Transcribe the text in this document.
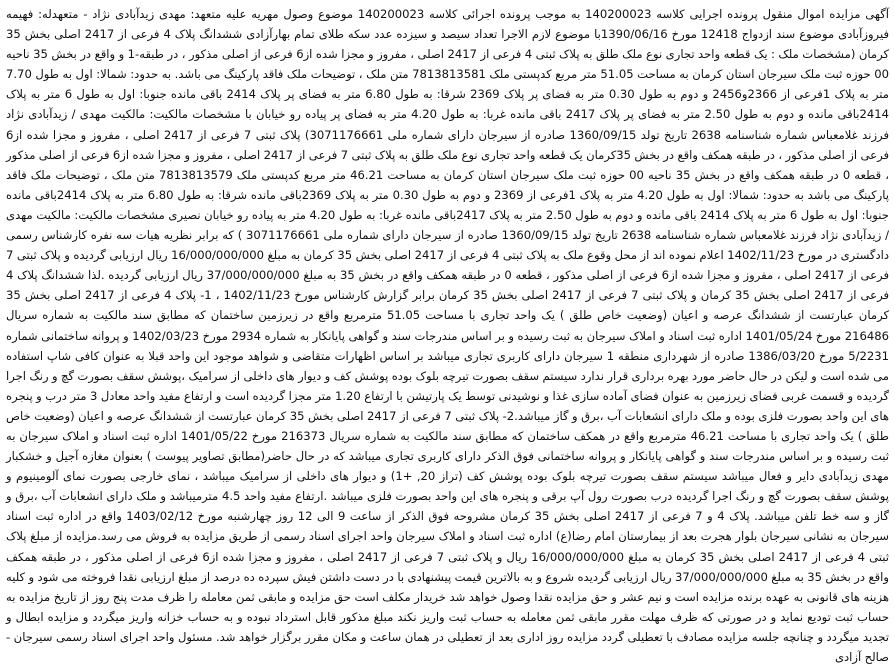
آگهی مزایده اموال منقول پرونده اجرایی کلاسه 140200023 به موجب پرونده اجرائی کلاسه 140200023 موضوع وصول مهریه علیه متعهد: مهدی زیدآبادی نژاد - متعهدله: فهیمه فیروزآبادی موضوع سند ازدواج 12418 مورخ 1390/06/16با موضوع لازم الاجرا تعداد سیصد و سیزده عدد سکه طلای تمام بهارآزادی ششدانگ پلاک 4 فرعی از 2417 اصلی بخش 35 کرمان (مشخصات ملک : یک قطعه واحد تجاری نوع ملک طلق به پلاک ثبتی 4 فرعی از 2417 اصلی ، مفروز و مجزا شده از6 فرعی از اصلی مذکور ، در طبقه-1 و واقع در بخش 35 ناحیه 00 حوزه ثبت ملک سیرجان استان کرمان به مساحت 51.05 متر مربع کدپستی ملک 7813813581 متن ملک ، توضیحات ملک فاقد پارکینگ می باشد. به حدود: شمالا: اول به طول 7.70 متر به پلاک 1فرعی از 2366و2456 و دوم به طول 0.30 متر به فضای پر پلاک 2369 شرقا: به طول 6.80 متر به فضای پر پلاک 2414 باقی مانده جنوبا: اول به طول 6 متر به پلاک 2414باقی مانده و دوم به طول 2.50 متر به فضای پر پلاک 2417 باقی مانده غربا: به طول 4.20 متر به فضای پر پیاده رو خیابان با مشخصات مالکیت: مالکیت مهدی / زیدآبادی نژاد فرزند غلامعباس شماره شناسنامه 2638 تاریخ تولد 1360/09/15 صادره از سیرجان دارای شماره ملی 3071176661) پلاک ثبتی 7 فرعی از 2417 اصلی ، مفروز و مجزا شده از6 فرعی از اصلی مذکور ، در طبقه همکف واقع در بخش 35کرمان یک قطعه واحد تجاری نوع ملک طلق به پلاک ثبتی 7 فرعی از 2417 اصلی ، مفروز و مجزا شده از6 فرعی از اصلی مذکور ، قطعه 0 در طبقه همکف واقع در بخش 35 ناحیه 00 حوزه ثبت ملک سیرجان استان کرمان به مساحت 46.21 متر مربع کدپستی ملک 7813813579 متن ملک ، توضیحات ملک فاقد پارکینگ می باشد به حدود: شمالا: اول به طول 4.20 متر به پلاک 1فرعی از 2369 و دوم به طول 0.30 متر به پلاک 2369باقی مانده شرقا: به طول 6.80 متر به پلاک 2414باقی مانده جنوبا: اول به طول 6 متر به پلاک 2414 باقی مانده و دوم به طول 2.50 متر به پلاک 2417باقی مانده غربا: به طول 4.20 متر به پیاده رو خیابان نصیری مشخصات مالکیت: مالکیت مهدی / زیدآبادی نژاد فرزند غلامعباس شماره شناسنامه 2638 تاریخ تولد 1360/09/15 صادره از سیرجان دارای شماره ملی 3071176661 ) که برابر نظریه هیات سه نفره کارشناس رسمی دادگستری در مورخ 1402/11/23 اعلام نموده اند از محل وقوع ملک به پلاک ثبتی 4 فرعی از 2417 اصلی بخش 35 کرمان به مبلغ 16/000/000/000 ریال ارزیابی گردیده و پلاک ثبتی 7 فرعی از 2417 اصلی ، مفروز و مجزا شده از6 فرعی از اصلی مذکور ، قطعه 0 در طبقه همکف واقع در بخش 35 به مبلغ 37/000/000/000 ریال ارزیابی گردیده .لذا ششدانگ پلاک 4 فرعی از 2417 اصلی بخش 35 کرمان و پلاک ثبتی 7 فرعی از 2417 اصلی بخش 35 کرمان برابر گزارش کارشناس مورخ 1402/11/23 ، 1- پلاک 4 فرعی از 2417 اصلی بخش 35 کرمان عبارتست از ششدانگ عرصه و اعیان (وضعیت خاص طلق ) یک واحد تجاری با مساحت 51.05 مترمربع واقع در زیرزمین ساختمان که مطابق سند مالکیت به شماره سریال 216486 مورخ 1401/05/24 اداره ثبت اسناد و املاک سیرجان به ثبت رسیده و بر اساس مندرجات سند و گواهی پایانکار به شماره 2934 مورخ 1402/03/23 و پروانه ساختمانی شماره 5/2231 مورخ 1386/03/20 صادره از شهرداری منطقه 1 سیرجان دارای کاربری تجاری میباشد بر اساس اظهارات متقاضی و شواهد موجود این واحد قبلا به عنوان کافی شاپ استفاده می شده است و لیکن در حال حاضر مورد بهره برداری قرار ندارد سیستم سقف بصورت تیرچه بلوک بوده پوشش کف و دیوار های داخلی از سرامیک ،پوشش سقف بصورت گچ و رنگ اجرا گردیده و قسمت غربی فضای زیرزمین به عنوان فضای آماده سازی غذا و نوشیدنی توسط یک پارتیشن با ارتفاع 1.20 متر مجزا گردیده است و ارتفاع مفید واحد معادل 3 متر درب و پنجره های این واحد بصورت فلزی بوده و ملک دارای انشعابات آب ،برق و گاز میباشد.2- پلاک ثبتی 7 فرعی از 2417 اصلی بخش 35 کرمان عبارتست از ششدانگ عرصه و اعیان (وضعیت خاص طلق ) یک واحد تجاری با مساحت 46.21 مترمربع واقع در همکف ساختمان که مطابق سند مالکیت به شماره سریال 216373 مورخ 1401/05/22 اداره ثبت اسناد و املاک سیرجان به ثبت رسیده و بر اساس مندرجات سند و گواهی پایانکار و پروانه ساختمانی فوق الذکر دارای کاربری تجاری میباشد که در حال حاضر(مطابق تصاویر پیوست ) بعنوان مغازه آجیل و خشکبار مهدی زیدآبادی دایر و فعال میباشد سیستم سقف بصورت تیرچه بلوک بوده پوشش کف (تراز 20, +1) و دیوار های داخلی از سرامیک میباشد ، نمای خارجی بصورت نمای آلومینیوم و پوشش سقف بصورت گچ و رنگ اجرا گردیده درب بصورت رول آپ برقی و پنجره های این واحد بصورت فلزی میباشد .ارتفاع مفید واحد 4.5 مترمیباشد و ملک دارای انشعابات آب ،برق و گاز و سه خط تلفن میباشد. پلاک 4 و 7 فرعی از 2417 اصلی بخش 35 کرمان مشروحه فوق الذکر از ساعت 9 الی 12 روز چهارشنبه مورخ 1403/02/12 واقع در اداره ثبت اسناد سیرجان به نشانی سیرجان بلوار هجرت بعد از بیمارستان امام رضا(ع) اداره ثبت اسناد و املاک سیرجان واحد اجرای اسناد رسمی از طریق مزایده به فروش می رسد.مزایده از مبلغ پلاک ثبتی 4 فرعی از 2417 اصلی بخش 35 کرمان به مبلغ 16/000/000/000 ریال و پلاک ثبتی 7 فرعی از 2417 اصلی ، مفروز و مجزا شده از6 فرعی از اصلی مذکور ، در طبقه همکف واقع در بخش 35 به مبلغ 37/000/000/000 ریال ارزیابی گردیده شروع و به بالاترین قیمت پیشنهادی با در دست داشتن فیش سپرده ده درصد از مبلغ ارزیابی نقدا فروخته می شود و کلیه هزینه های قانونی به عهده برنده مزایده است و نیم عشر و حق مزایده نقدا وصول خواهد شد خریدار مکلف است حق مزایده و مابقی ثمن معامله را ظرف مدت پنج روز از تاریخ مزایده به حساب ثبت تودیع نماید و در صورتی که ظرف مهلت مقرر مابقی ثمن معامله به حساب ثبت واریز نکند مبلغ مذکور قابل استرداد نبوده و به حساب خزانه واریز میگردد و مزایده ابطال و تجدید میگردد و چنانچه جلسه مزایده مصادف با تعطیلی گردد مزایده روز اداری بعد از تعطیلی در همان ساعت و مکان مقرر برگزار خواهد شد. مسئول واحد اجرای اسناد رسمی سیرجان - صالح آزادی
